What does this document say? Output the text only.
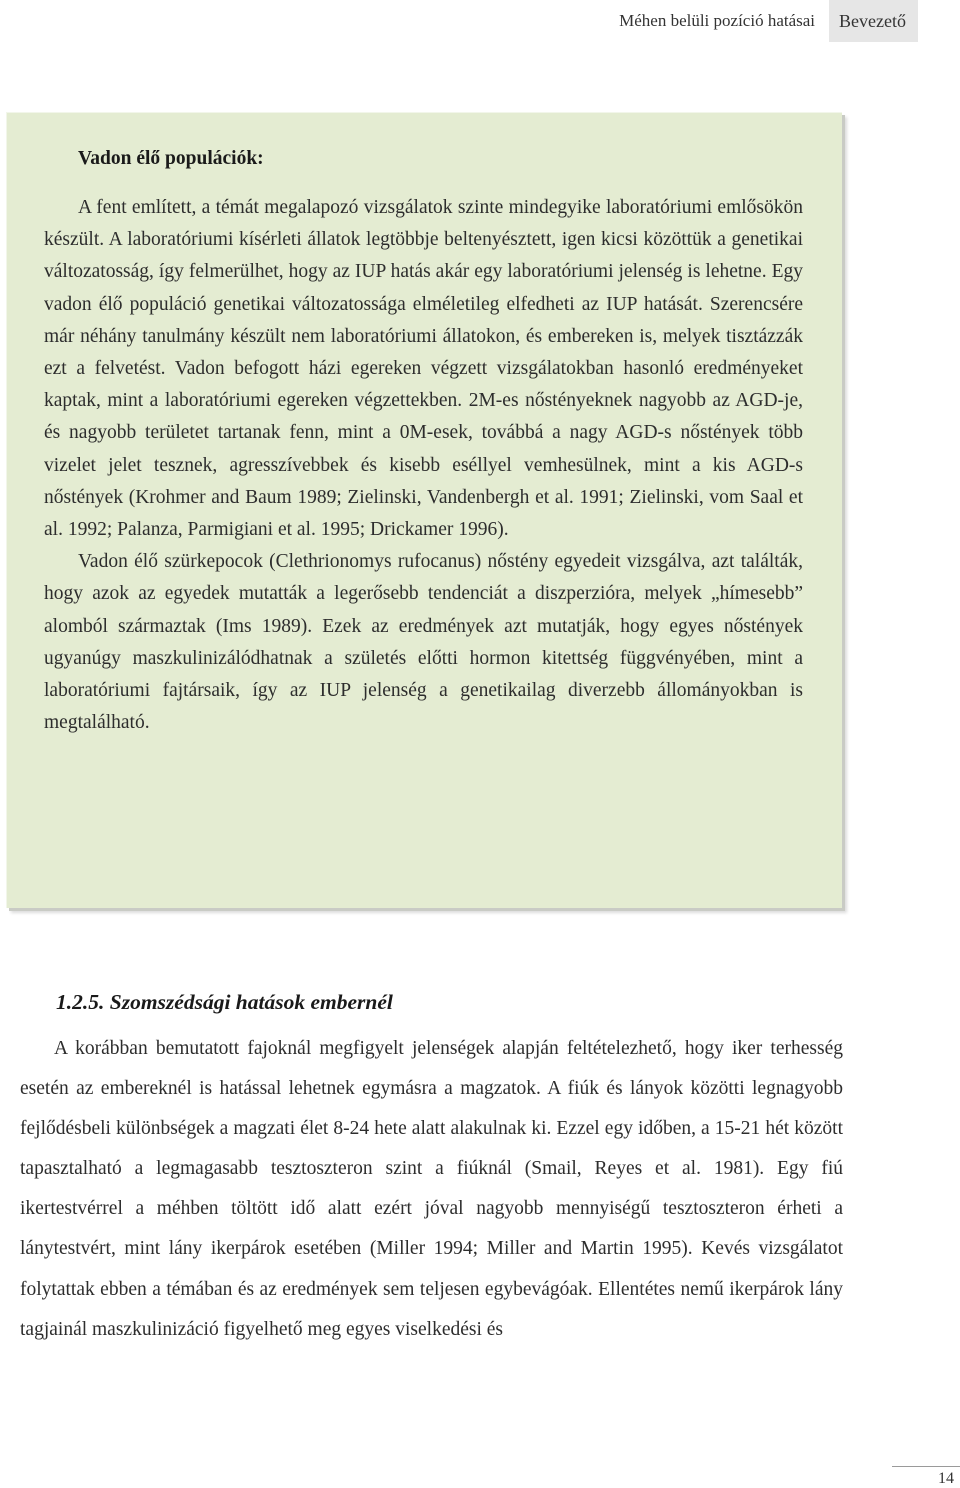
Méhen belüli pozíció hatásai	Bevezető
Vadon élő populációk:

A fent említett, a témát megalapozó vizsgálatok szinte mindegyike laboratóriumi emlősökön készült. A laboratóriumi kísérleti állatok legtöbbje beltenyésztett, igen kicsi közöttük a genetikai változatosság, így felmerülhet, hogy az IUP hatás akár egy laboratóriumi jelenség is lehetne. Egy vadon élő populáció genetikai változatossága elméletileg elfedheti az IUP hatását. Szerencsére már néhány tanulmány készült nem laboratóriumi állatokon, és embereken is, melyek tisztázzák ezt a felvetést. Vadon befogott házi egereken végzett vizsgálatokban hasonló eredményeket kaptak, mint a laboratóriumi egereken végzettekben. 2M-es nőstényeknek nagyobb az AGD-je, és nagyobb területet tartanak fenn, mint a 0M-esek, továbbá a nagy AGD-s nőstények több vizelet jelet tesznek, agresszívebbek és kisebb eséllyel vemhesülnek, mint a kis AGD-s nőstények (Krohmer and Baum 1989; Zielinski, Vandenbergh et al. 1991; Zielinski, vom Saal et al. 1992; Palanza, Parmigiani et al. 1995; Drickamer 1996).

Vadon élő szürkepocok (Clethrionomys rufocanus) nőstény egyedeit vizsgálva, azt találták, hogy azok az egyedek mutatták a legerősebb tendenciát a diszperzióra, melyek „hímesebb” alomból származtak (Ims 1989). Ezek az eredmények azt mutatják, hogy egyes nőstények ugyanúgy maszkulinizálódhatnak a születés előtti hormon kitettség függvényében, mint a laboratóriumi fajtársaik, így az IUP jelenség a genetikailag diverzebb állományokban is megtalálható.

1.2.5. Szomszédsági hatások embernél

A korábban bemutatott fajoknál megfigyelt jelenségek alapján feltételezhető, hogy iker terhesség esetén az embereknél is hatással lehetnek egymásra a magzatok. A fiúk és lányok közötti legnagyobb fejlődésbeli különbségek a magzati élet 8-24 hete alatt alakulnak ki. Ezzel egy időben, a 15-21 hét között tapasztalható a legmagasabb tesztoszteron szint a fiúknál (Smail, Reyes et al. 1981). Egy fiú ikertestvérrel a méhben töltött idő alatt ezért jóval nagyobb mennyiségű tesztoszteron érheti a lánytestvért, mint lány ikerpárok esetében (Miller 1994; Miller and Martin 1995). Kevés vizsgálatot folytattak ebben a témában és az eredmények sem teljesen egybevágóak. Ellentétes nemű ikerpárok lány tagjainál maszkulinizáció figyelhető meg egyes viselkedési és

14
